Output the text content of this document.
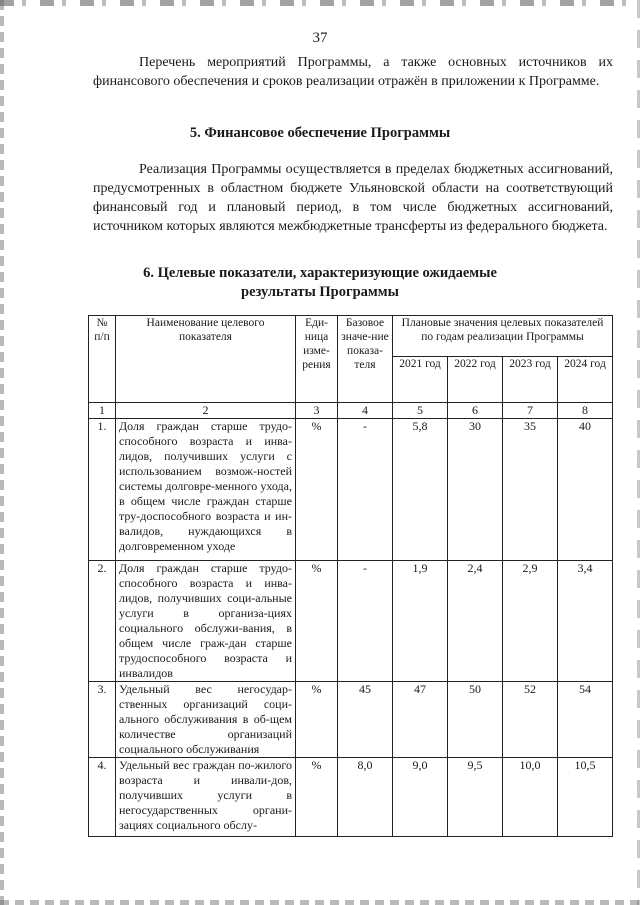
37

Перечень мероприятий Программы, а также основных источников их финансового обеспечения и сроков реализации отражён в приложении к Программе.

5. Финансовое обеспечение Программы

Реализация Программы осуществляется в пределах бюджетных ассигнований, предусмотренных в областном бюджете Ульяновской области на соответствующий финансовый год и плановый период, в том числе бюджетных ассигнований, источником которых являются межбюджетные трансферты из федерального бюджета.

6. Целевые показатели, характеризующие ожидаемые
результаты Программы
№ п/п	Наименование целевого показателя	Еди-ница изме-рения	Базовое значе-ние показа-теля	Плановые значения целевых показателей по годам реализации Программы			
				2021 год	2022 год	2023 год	2024 год
1	2	3	4	5	6	7	8
1.	Доля граждан старше трудо-способного возраста и инва-лидов, получивших услуги с использованием возмож-ностей системы долговре-менного ухода, в общем числе граждан старше тру-доспособного возраста и ин-валидов, нуждающихся в долговременном уходе	%	-	5,8	30	35	40
2.	Доля граждан старше трудо-способного возраста и инва-лидов, получивших соци-альные услуги в организа-циях социального обслужи-вания, в общем числе граж-дан старше трудоспособного возраста и инвалидов	%	-	1,9	2,4	2,9	3,4
3.	Удельный вес негосудар-ственных организаций соци-ального обслуживания в об-щем количестве организаций социального обслуживания	%	45	47	50	52	54
4.	Удельный вес граждан по-жилого возраста и инвали-дов, получивших услуги в негосударственных органи-зациях социального обслу-	%	8,0	9,0	9,5	10,0	10,5
